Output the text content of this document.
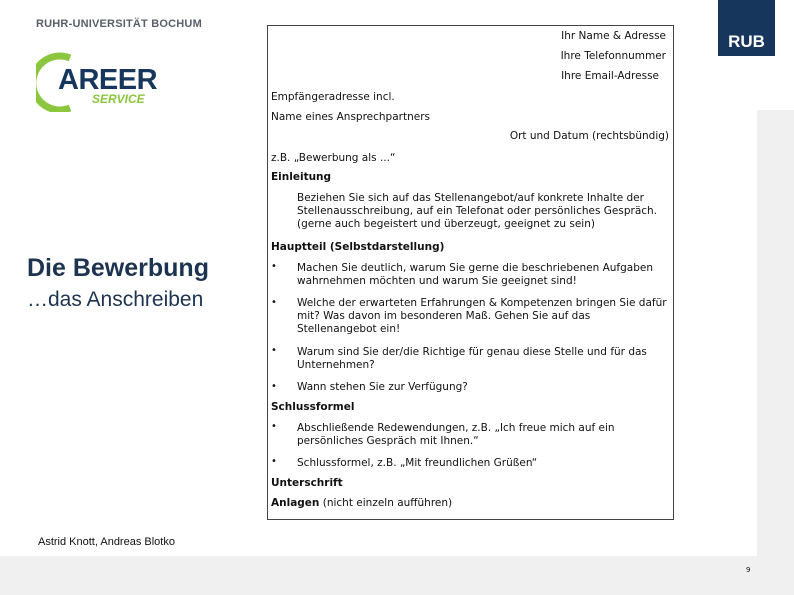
RUHR-UNIVERSITÄT BOCHUM
AREER
SERVICE
RUB
Die Bewerbung
…das Anschreiben
Astrid Knott, Andreas Blotko
9
Ihr Name & Adresse
Ihre Telefonnummer
Ihre Email-Adresse
Empfängeradresse incl.
Name eines Ansprechpartners
Ort und Datum (rechtsbündig)
z.B. „Bewerbung als ...“
Einleitung
Beziehen Sie sich auf das Stellenangebot/auf konkrete Inhalte der Stellenausschreibung, auf ein Telefonat oder persönliches Gespräch. (gerne auch begeistert und überzeugt, geeignet zu sein)
Hauptteil (Selbstdarstellung)
• Machen Sie deutlich, warum Sie gerne die beschriebenen Aufgaben wahrnehmen möchten und warum Sie geeignet sind!
• Welche der erwarteten Erfahrungen & Kompetenzen bringen Sie dafür mit? Was davon im besonderen Maß. Gehen Sie auf das Stellenangebot ein!
• Warum sind Sie der/die Richtige für genau diese Stelle und für das Unternehmen?
• Wann stehen Sie zur Verfügung?
Schlussformel
• Abschließende Redewendungen, z.B. „Ich freue mich auf ein persönliches Gespräch mit Ihnen.“
• Schlussformel, z.B. „Mit freundlichen Grüßen“
Unterschrift
Anlagen (nicht einzeln aufführen)
